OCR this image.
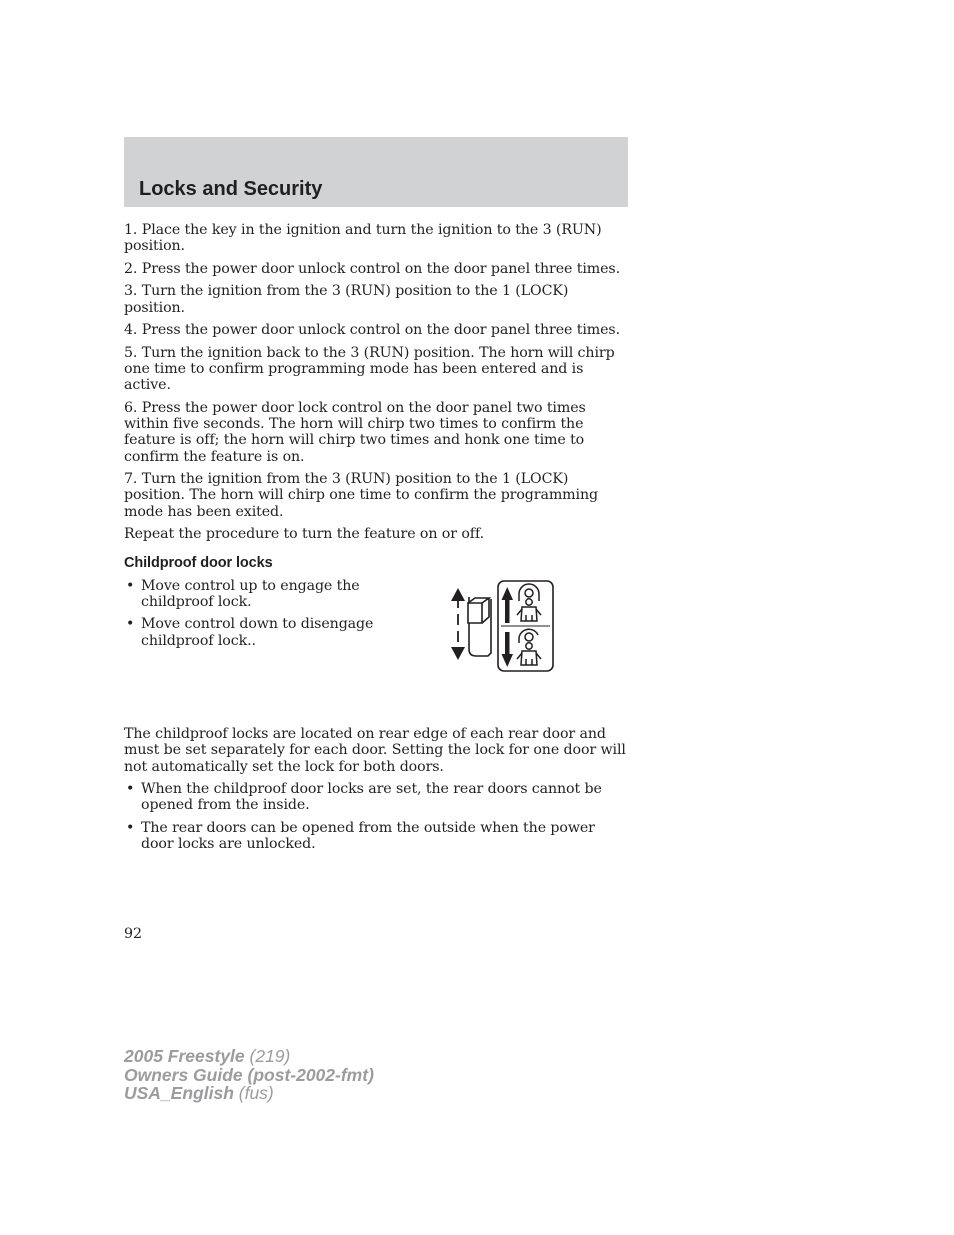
Locks and Security

1. Place the key in the ignition and turn the ignition to the 3 (RUN) position.

2. Press the power door unlock control on the door panel three times.

3. Turn the ignition from the 3 (RUN) position to the 1 (LOCK) position.

4. Press the power door unlock control on the door panel three times.

5. Turn the ignition back to the 3 (RUN) position. The horn will chirp one time to confirm programming mode has been entered and is active.

6. Press the power door lock control on the door panel two times within five seconds. The horn will chirp two times to confirm the feature is off; the horn will chirp two times and honk one time to confirm the feature is on.

7. Turn the ignition from the 3 (RUN) position to the 1 (LOCK) position. The horn will chirp one time to confirm the programming mode has been exited.

Repeat the procedure to turn the feature on or off.

Childproof door locks
• Move control up to engage the childproof lock.
• Move control down to disengage childproof lock..

The childproof locks are located on rear edge of each rear door and must be set separately for each door. Setting the lock for one door will not automatically set the lock for both doors.

• When the childproof door locks are set, the rear doors cannot be opened from the inside.
• The rear doors can be opened from the outside when the power door locks are unlocked.

92

2005 Freestyle (219)
Owners Guide (post-2002-fmt)
USA_English (fus)
